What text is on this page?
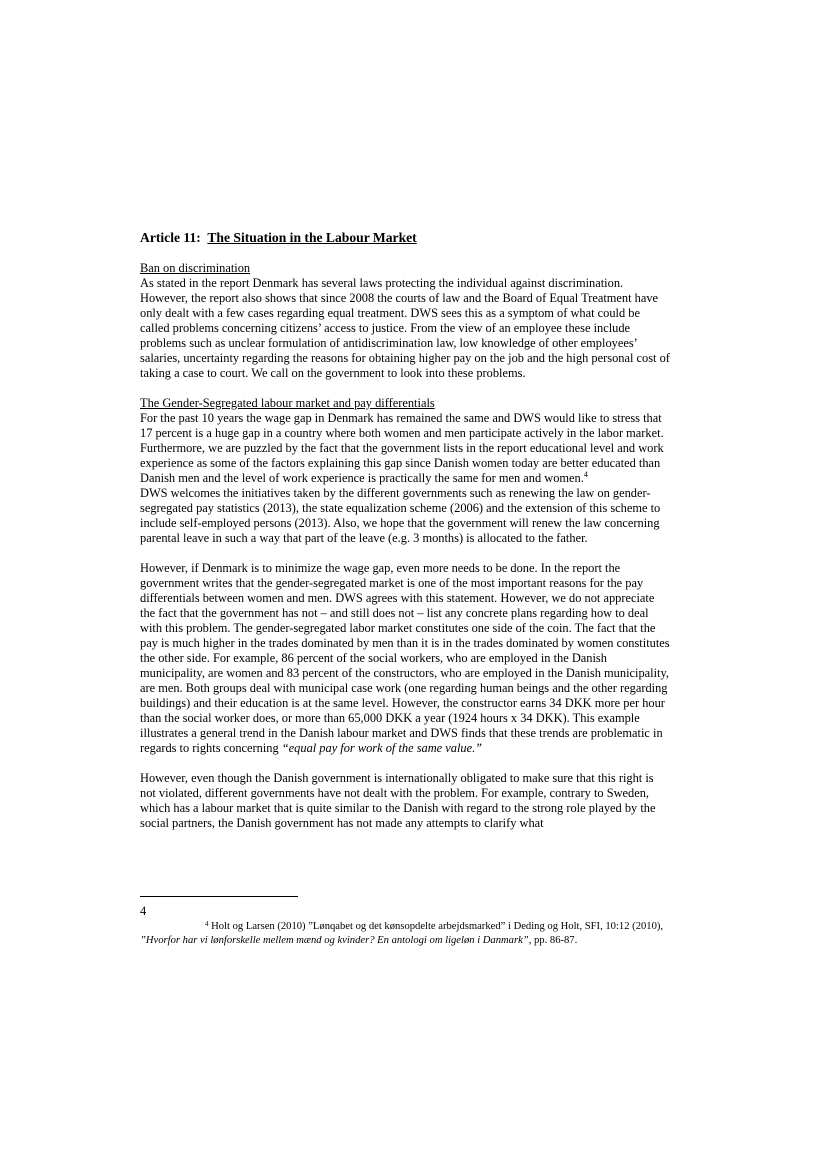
Article 11: The Situation in the Labour Market
Ban on discrimination

As stated in the report Denmark has several laws protecting the individual against discrimination. However, the report also shows that since 2008 the courts of law and the Board of Equal Treatment have only dealt with a few cases regarding equal treatment. DWS sees this as a symptom of what could be called problems concerning citizens’ access to justice. From the view of an employee these include problems such as unclear formulation of antidiscrimination law, low knowledge of other employees’ salaries, uncertainty regarding the reasons for obtaining higher pay on the job and the high personal cost of taking a case to court. We call on the government to look into these problems.

The Gender-Segregated labour market and pay differentials

For the past 10 years the wage gap in Denmark has remained the same and DWS would like to stress that 17 percent is a huge gap in a country where both women and men participate actively in the labor market. Furthermore, we are puzzled by the fact that the government lists in the report educational level and work experience as some of the factors explaining this gap since Danish women today are better educated than Danish men and the level of work experience is practically the same for men and women.$^4$

DWS welcomes the initiatives taken by the different governments such as renewing the law on gender-segregated pay statistics (2013), the state equalization scheme (2006) and the extension of this scheme to include self-employed persons (2013). Also, we hope that the government will renew the law concerning parental leave in such a way that part of the leave (e.g. 3 months) is allocated to the father.

However, if Denmark is to minimize the wage gap, even more needs to be done. In the report the government writes that the gender-segregated market is one of the most important reasons for the pay differentials between women and men. DWS agrees with this statement. However, we do not appreciate the fact that the government has not – and still does not – list any concrete plans regarding how to deal with this problem. The gender-segregated labor market constitutes one side of the coin. The fact that the pay is much higher in the trades dominated by men than it is in the trades dominated by women constitutes the other side. For example, 86 percent of the social workers, who are employed in the Danish municipality, are women and 83 percent of the constructors, who are employed in the Danish municipality, are men. Both groups deal with municipal case work (one regarding human beings and the other regarding buildings) and their education is at the same level. However, the constructor earns 34 DKK more per hour than the social worker does, or more than 65,000 DKK a year (1924 hours x 34 DKK). This example illustrates a general trend in the Danish labour market and DWS finds that these trends are problematic in regards to rights concerning “equal pay for work of the same value.”

However, even though the Danish government is internationally obligated to make sure that this right is not violated, different governments have not dealt with the problem. For example, contrary to Sweden, which has a labour market that is quite similar to the Danish with regard to the strong role played by the social partners, the Danish government has not made any attempts to clarify what

4
$^4$ Holt og Larsen (2010) ”Lønqabet og det kønsopdelte arbejdsmarked” i Deding og Holt, SFI, 10:12 (2010), ”Hvorfor har vi lønforskelle mellem mænd og kvinder? En antologi om ligeløn i Danmark”, pp. 86-87.
